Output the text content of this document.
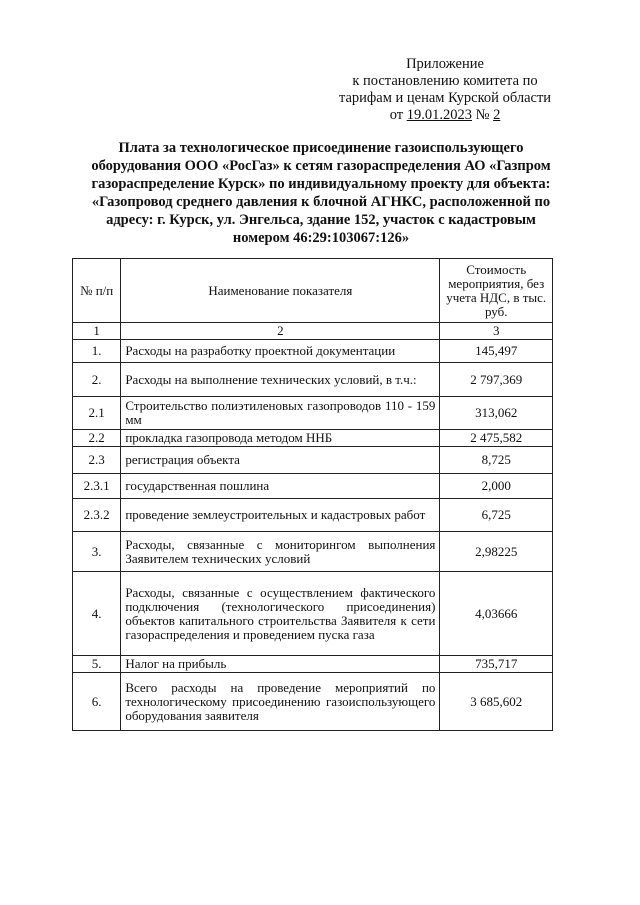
Приложение
к постановлению комитета по
тарифам и ценам Курской области
от 19.01.2023 № 2
Плата за технологическое присоединение газоиспользующего
оборудования ООО «РосГаз» к сетям газораспределения АО «Газпром
газораспределение Курск» по индивидуальному проекту для объекта:
«Газопровод среднего давления к блочной АГНКС, расположенной по
адресу: г. Курск, ул. Энгельса, здание 152, участок с кадастровым
номером 46:29:103067:126»
№ п/п	Наименование показателя	Стоимость мероприятия, без учета НДС, в тыс. руб.
1	2	3
1.	Расходы на разработку проектной документации	145,497
2.	Расходы на выполнение технических условий, в т.ч.:	2 797,369
2.1	Строительство полиэтиленовых газопроводов 110 - 159 мм	313,062
2.2	прокладка газопровода методом ННБ	2 475,582
2.3	регистрация объекта	8,725
2.3.1	государственная пошлина	2,000
2.3.2	проведение землеустроительных и кадастровых работ	6,725
3.	Расходы, связанные с мониторингом выполнения Заявителем технических условий	2,98225
4.	Расходы, связанные с осуществлением фактического подключения (технологического присоединения) объектов капитального строительства Заявителя к сети газораспределения и проведением пуска газа	4,03666
5.	Налог на прибыль	735,717
6.	Всего расходы на проведение мероприятий по технологическому присоединению газоиспользующего оборудования заявителя	3 685,602
